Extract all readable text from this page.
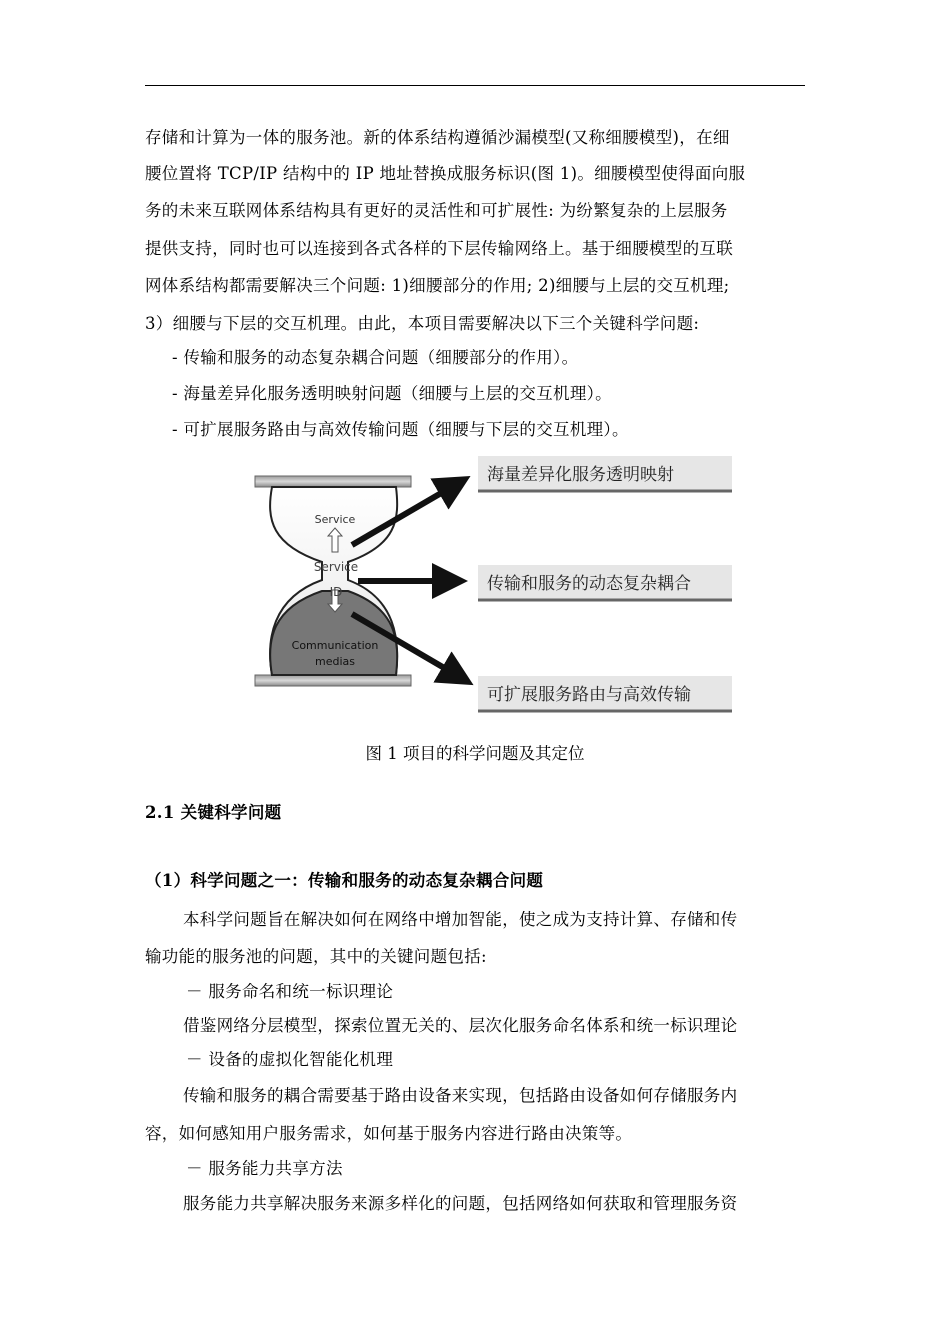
存储和计算为一体的服务池。新的体系结构遵循沙漏模型(又称细腰模型)，在细
腰位置将 TCP/IP 结构中的 IP 地址替换成服务标识(图 1)。细腰模型使得面向服
务的未来互联网体系结构具有更好的灵活性和可扩展性: 为纷繁复杂的上层服务
提供支持，同时也可以连接到各式各样的下层传输网络上。基于细腰模型的互联
网体系结构都需要解决三个问题: 1)细腰部分的作用; 2)细腰与上层的交互机理;
3）细腰与下层的交互机理。由此，本项目需要解决以下三个关键科学问题:
- 传输和服务的动态复杂耦合问题（细腰部分的作用）。
- 海量差异化服务透明映射问题（细腰与上层的交互机理）。
- 可扩展服务路由与高效传输问题（细腰与下层的交互机理）。
Service
Service
ID
Communication
medias
海量差异化服务透明映射
传输和服务的动态复杂耦合
可扩展服务路由与高效传输
图 1 项目的科学问题及其定位
2.1 关键科学问题
（1）科学问题之一：传输和服务的动态复杂耦合问题
本科学问题旨在解决如何在网络中增加智能，使之成为支持计算、存储和传
输功能的服务池的问题，其中的关键问题包括:
－ 服务命名和统一标识理论
借鉴网络分层模型，探索位置无关的、层次化服务命名体系和统一标识理论
－ 设备的虚拟化智能化机理
传输和服务的耦合需要基于路由设备来实现，包括路由设备如何存储服务内
容，如何感知用户服务需求，如何基于服务内容进行路由决策等。
－ 服务能力共享方法
服务能力共享解决服务来源多样化的问题，包括网络如何获取和管理服务资
